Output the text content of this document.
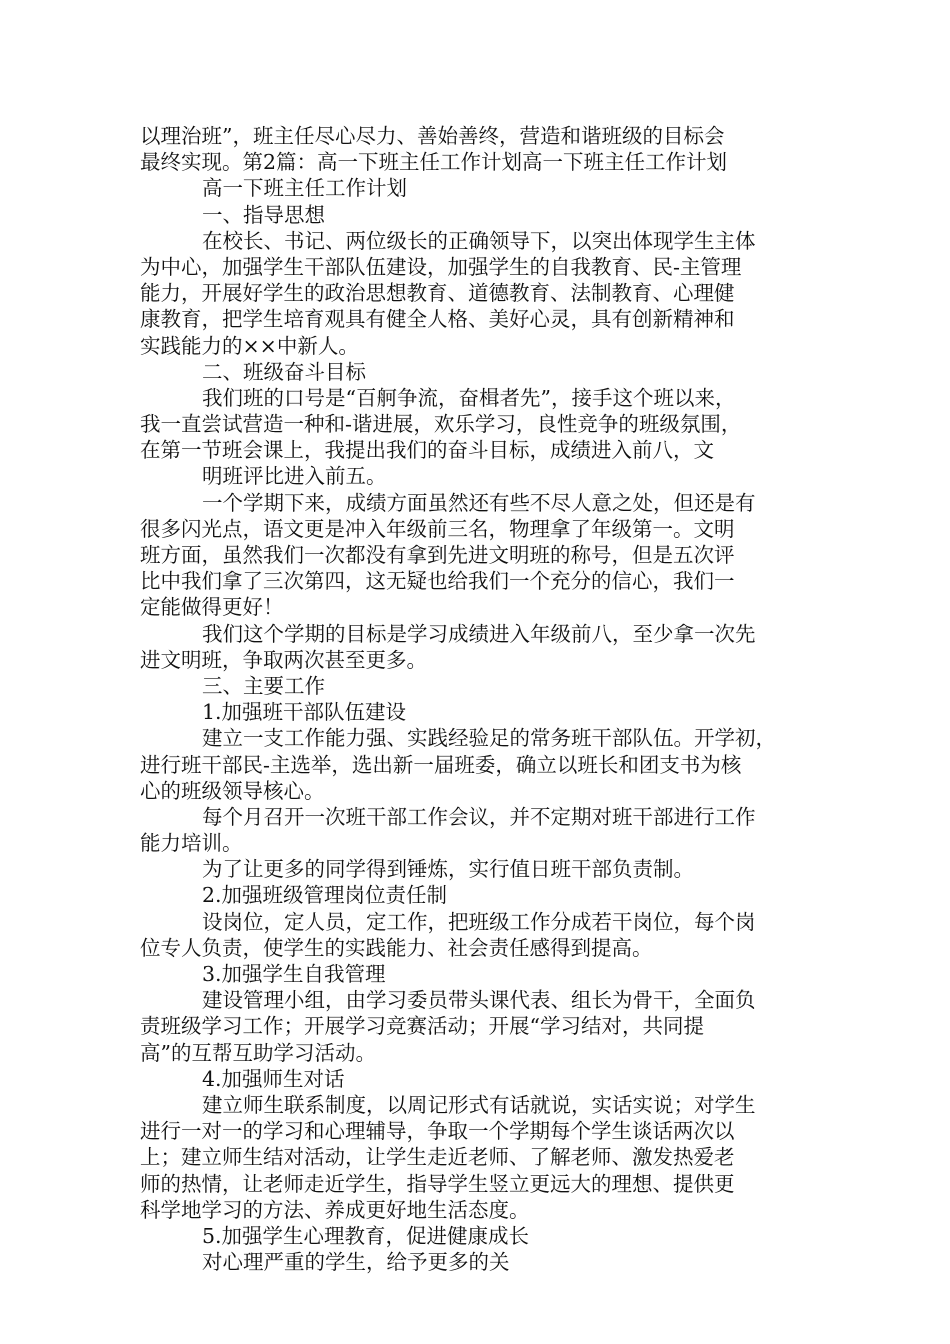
以理治班”，班主任尽心尽力、善始善终，营造和谐班级的目标会
最终实现。第2篇：高一下班主任工作计划高一下班主任工作计划
高一下班主任工作计划
一、指导思想
在校长、书记、两位级长的正确领导下，以突出体现学生主体
为中心，加强学生干部队伍建设，加强学生的自我教育、民-主管理
能力，开展好学生的政治思想教育、道德教育、法制教育、心理健
康教育，把学生培育观具有健全人格、美好心灵，具有创新精神和
实践能力的××中新人。
二、班级奋斗目标
我们班的口号是“百舸争流，奋楫者先”，接手这个班以来，
我一直尝试营造一种和-谐进展，欢乐学习，良性竞争的班级氛围，
在第一节班会课上，我提出我们的奋斗目标，成绩进入前八，文
明班评比进入前五。
一个学期下来，成绩方面虽然还有些不尽人意之处，但还是有
很多闪光点，语文更是冲入年级前三名，物理拿了年级第一。文明
班方面，虽然我们一次都没有拿到先进文明班的称号，但是五次评
比中我们拿了三次第四，这无疑也给我们一个充分的信心，我们一
定能做得更好！
我们这个学期的目标是学习成绩进入年级前八，至少拿一次先
进文明班，争取两次甚至更多。
三、主要工作
1.加强班干部队伍建设
建立一支工作能力强、实践经验足的常务班干部队伍。开学初，
进行班干部民-主选举，选出新一届班委，确立以班长和团支书为核
心的班级领导核心。
每个月召开一次班干部工作会议，并不定期对班干部进行工作
能力培训。
为了让更多的同学得到锤炼，实行值日班干部负责制。
2.加强班级管理岗位责任制
设岗位，定人员，定工作，把班级工作分成若干岗位，每个岗
位专人负责，使学生的实践能力、社会责任感得到提高。
3.加强学生自我管理
建设管理小组，由学习委员带头课代表、组长为骨干，全面负
责班级学习工作；开展学习竞赛活动；开展“学习结对，共同提
高”的互帮互助学习活动。
4.加强师生对话
建立师生联系制度，以周记形式有话就说，实话实说；对学生
进行一对一的学习和心理辅导，争取一个学期每个学生谈话两次以
上；建立师生结对活动，让学生走近老师、了解老师、激发热爱老
师的热情，让老师走近学生，指导学生竖立更远大的理想、提供更
科学地学习的方法、养成更好地生活态度。
5.加强学生心理教育，促进健康成长
对心理严重的学生，给予更多的关
